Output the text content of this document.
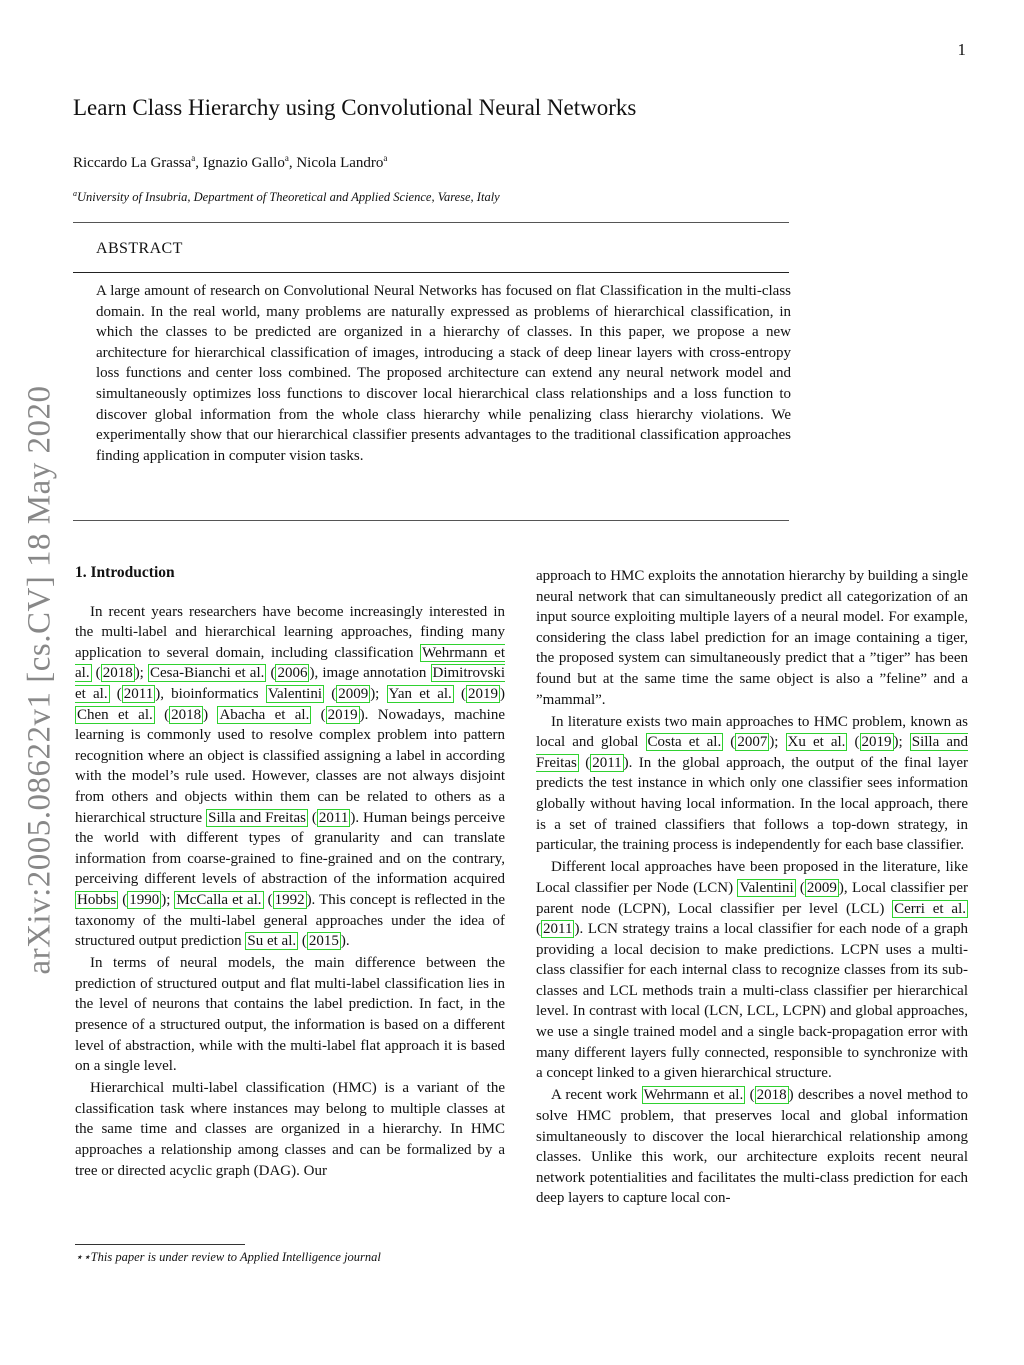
1
Learn Class Hierarchy using Convolutional Neural Networks
Riccardo La Grassa$^a$, Ignazio Gallo$^a$, Nicola Landro$^a$
$^a$University of Insubria, Department of Theoretical and Applied Science, Varese, Italy
ABSTRACT
A large amount of research on Convolutional Neural Networks has focused on flat Classification in the multi-class domain. In the real world, many problems are naturally expressed as problems of hierarchical classification, in which the classes to be predicted are organized in a hierarchy of classes. In this paper, we propose a new architecture for hierarchical classification of images, introducing a stack of deep linear layers with cross-entropy loss functions and center loss combined. The proposed architecture can extend any neural network model and simultaneously optimizes loss functions to discover local hierarchical class relationships and a loss function to discover global information from the whole class hierarchy while penalizing class hierarchy violations. We experimentally show that our hierarchical classifier presents advantages to the traditional classification approaches finding application in computer vision tasks.
arXiv:2005.08622v1 [cs.CV] 18 May 2020 1. Introduction

In recent years researchers have become increasingly interested in the multi-label and hierarchical learning approaches, finding many application to several domain, including classification Wehrmann et al. ( 2018 ); Cesa-Bianchi et al. ( 2006 ), image annotation Dimitrovski et al. ( 2011 ), bioinformatics Valentini ( 2009 ); Yan et al. ( 2019 ) Chen et al. ( 2018 ) Abacha et al. ( 2019 ). Nowadays, machine learning is commonly used to resolve complex problem into pattern recognition where an object is classified assigning a label in according with the model’s rule used. However, classes are not always disjoint from others and objects within them can be related to others as a hierarchical structure Silla and Freitas ( 2011 ). Human beings perceive the world with different types of granularity and can translate information from coarse-grained to fine-grained and on the contrary, perceiving different levels of abstraction of the information acquired Hobbs ( 1990 ); McCalla et al. ( 1992 ). This concept is reflected in the taxonomy of the multi-label general approaches under the idea of structured output prediction Su et al. ( 2015 ).

In terms of neural models, the main difference between the prediction of structured output and flat multi-label classification lies in the level of neurons that contains the label prediction. In fact, in the presence of a structured output, the information is based on a different level of abstraction, while with the multi-label flat approach it is based on a single level.

Hierarchical multi-label classification (HMC) is a variant of the classification task where instances may belong to multiple classes at the same time and classes are organized in a hierarchy. In HMC approaches a relationship among classes and can be formalized by a tree or directed acyclic graph (DAG). Our

approach to HMC exploits the annotation hierarchy by building a single neural network that can simultaneously predict all categorization of an input source exploiting multiple layers of a neural model. For example, considering the class label prediction for an image containing a tiger, the proposed system can simultaneously predict that a ”tiger” has been found but at the same time the same object is also a ”feline” and a ”mammal”.

In literature exists two main approaches to HMC problem, known as local and global Costa et al. ( 2007 ); Xu et al. ( 2019 ); Silla and Freitas ( 2011 ). In the global approach, the output of the final layer predicts the test instance in which only one classifier sees information globally without having local information. In the local approach, there is a set of trained classifiers that follows a top-down strategy, in particular, the training process is independently for each base classifier.

Different local approaches have been proposed in the literature, like Local classifier per Node (LCN) Valentini ( 2009 ), Local classifier per parent node (LCPN), Local classifier per level (LCL) Cerri et al. ( 2011 ). LCN strategy trains a local classifier for each node of a graph providing a local decision to make predictions. LCPN uses a multi-class classifier for each internal class to recognize classes from its sub-classes and LCL methods train a multi-class classifier per hierarchical level. In contrast with local (LCN, LCL, LCPN) and global approaches, we use a single trained model and a single back-propagation error with many different layers fully connected, responsible to synchronize with a concept linked to a given hierarchical structure.

A recent work Wehrmann et al. ( 2018 ) describes a novel method to solve HMC problem, that preserves local and global information simultaneously to discover the local hierarchical relationship among classes. Unlike this work, our architecture exploits recent neural network potentialities and facilitates the multi-class prediction for each deep layers to capture local con-

⋆⋆This paper is under review to Applied Intelligence journal
